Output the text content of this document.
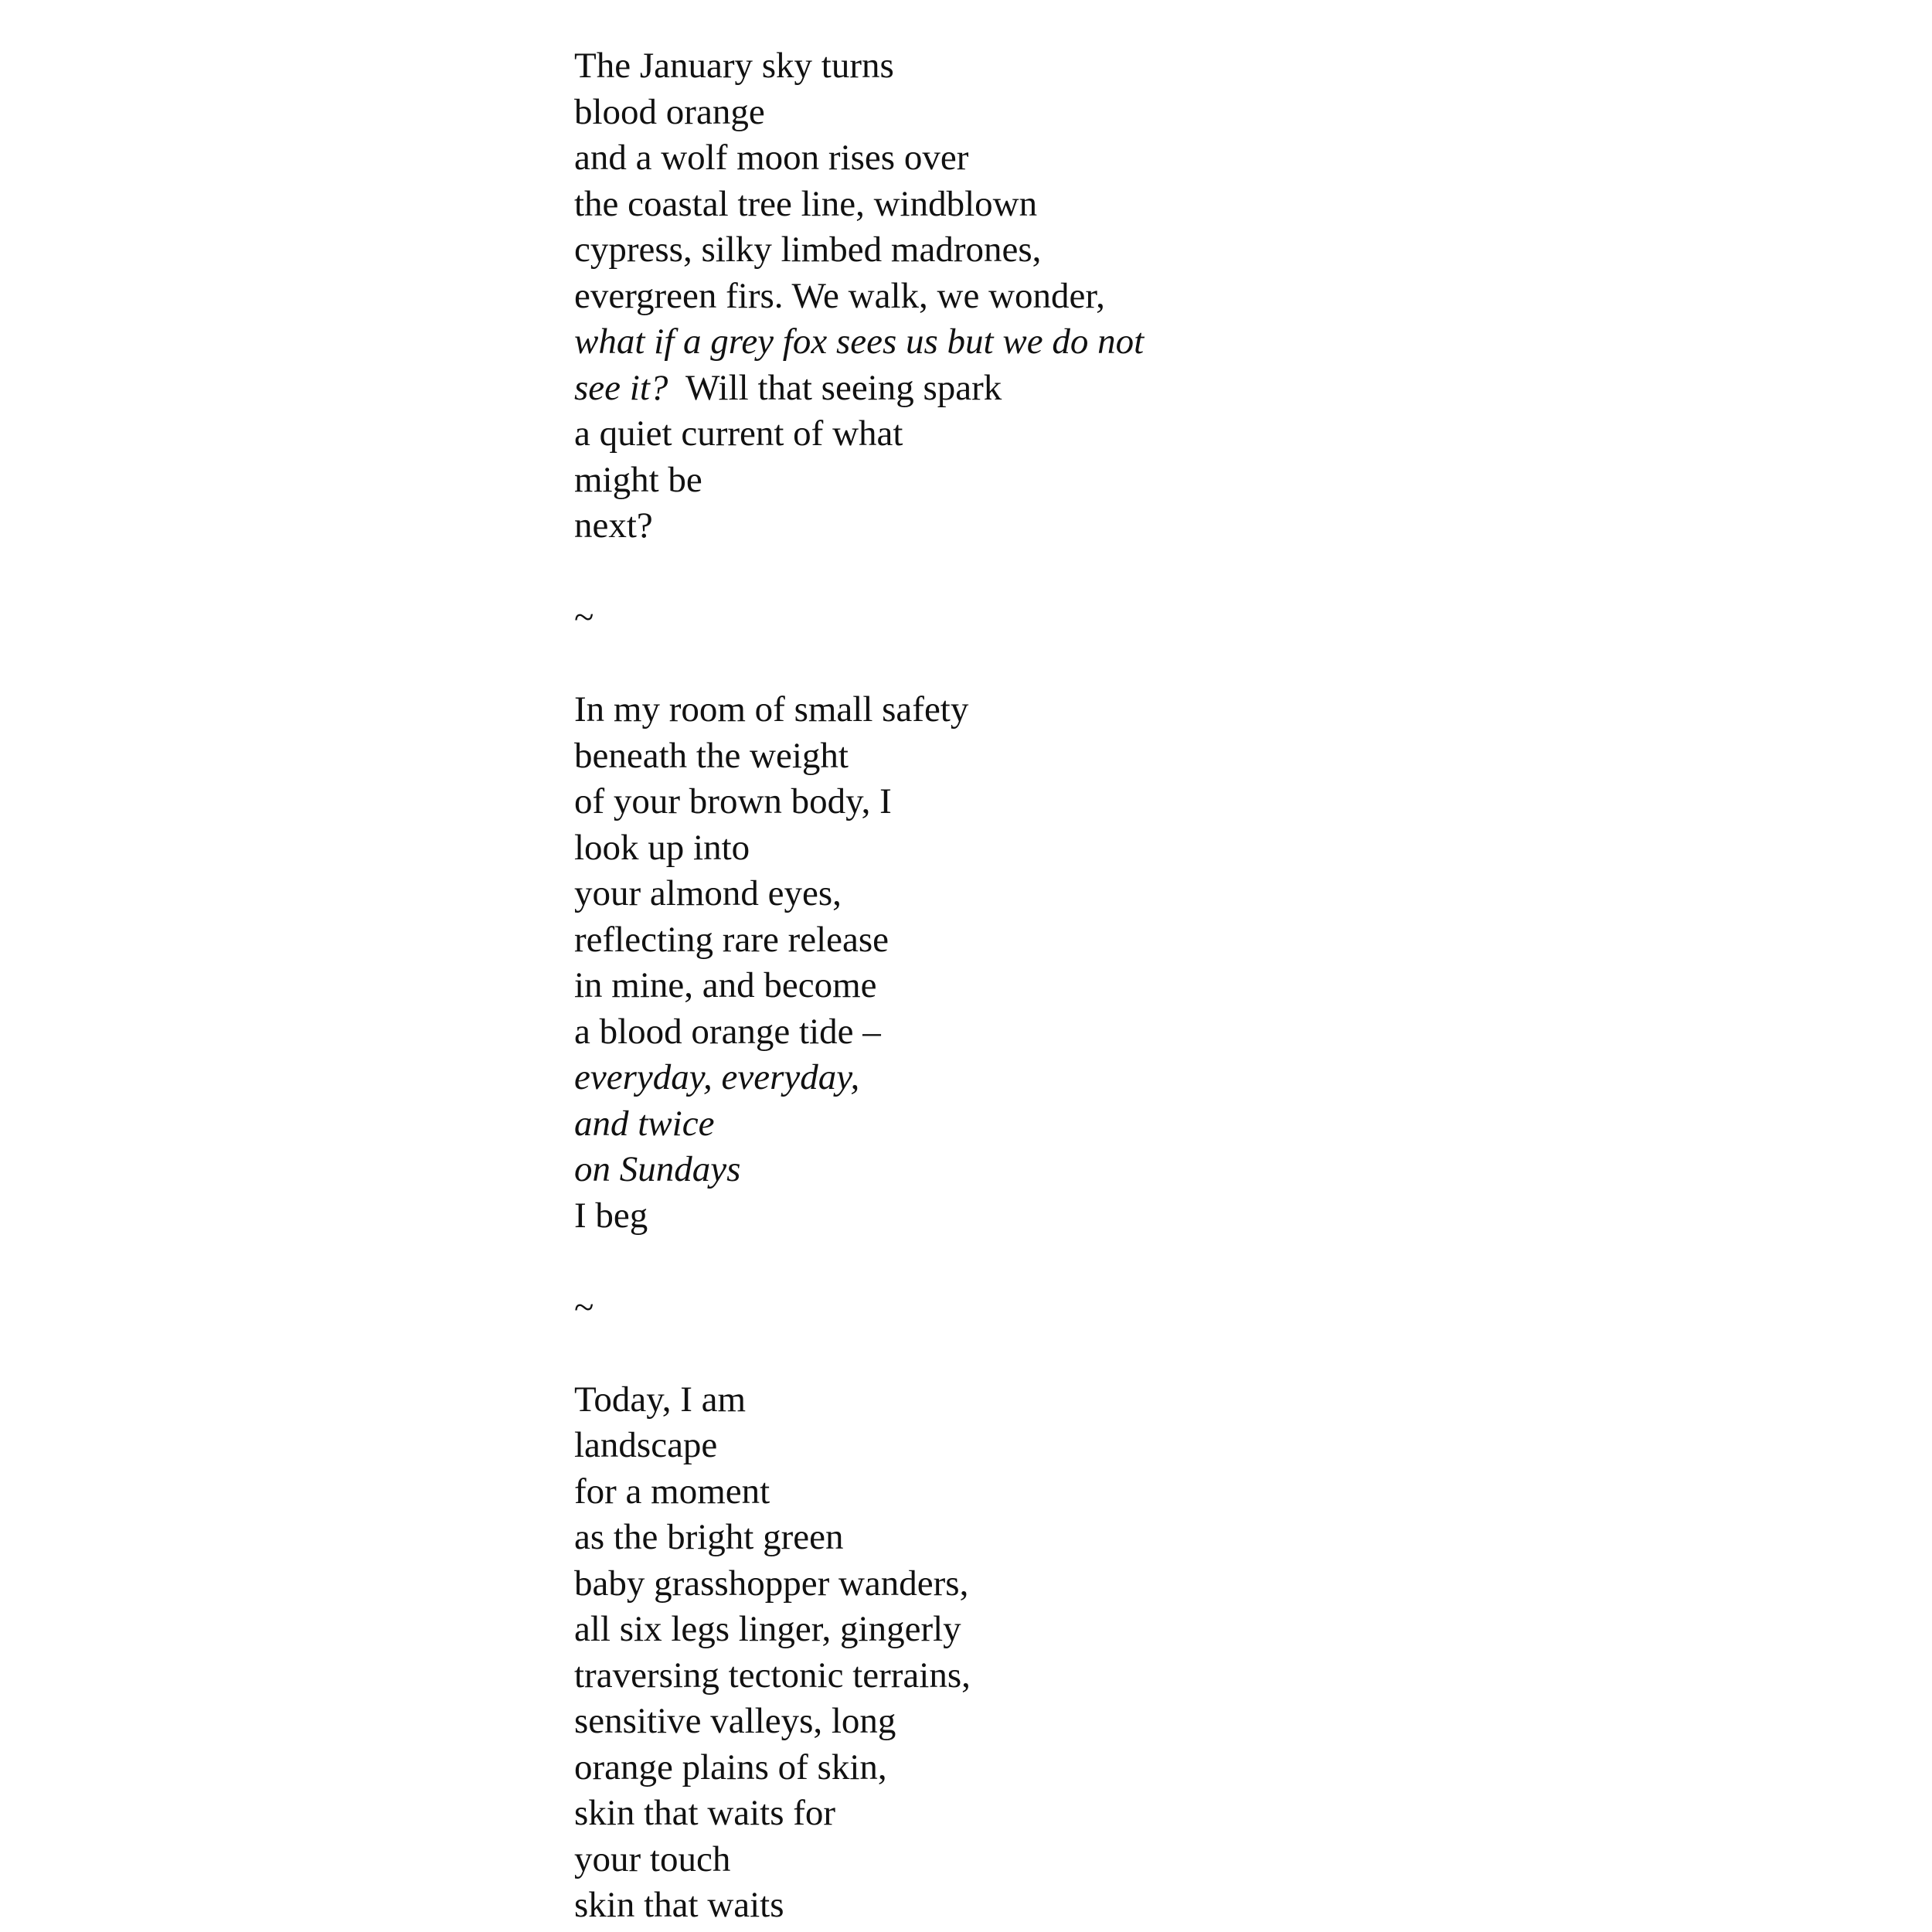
The January sky turns
blood orange
and a wolf moon rises over
the coastal tree line, windblown
cypress, silky limbed madrones,
evergreen firs. We walk, we wonder,
what if a grey fox sees us but we do not
see it?  Will that seeing spark
a quiet current of what
might be
next?
~
In my room of small safety
beneath the weight
of your brown body, I
look up into
your almond eyes,
reflecting rare release
in mine, and become
a blood orange tide –
everyday, everyday,
and twice
on Sundays
I beg
~
Today, I am
landscape
for a moment
as the bright green
baby grasshopper wanders,
all six legs linger, gingerly
traversing tectonic terrains,
sensitive valleys, long
orange plains of skin,
skin that waits for
your touch
skin that waits
